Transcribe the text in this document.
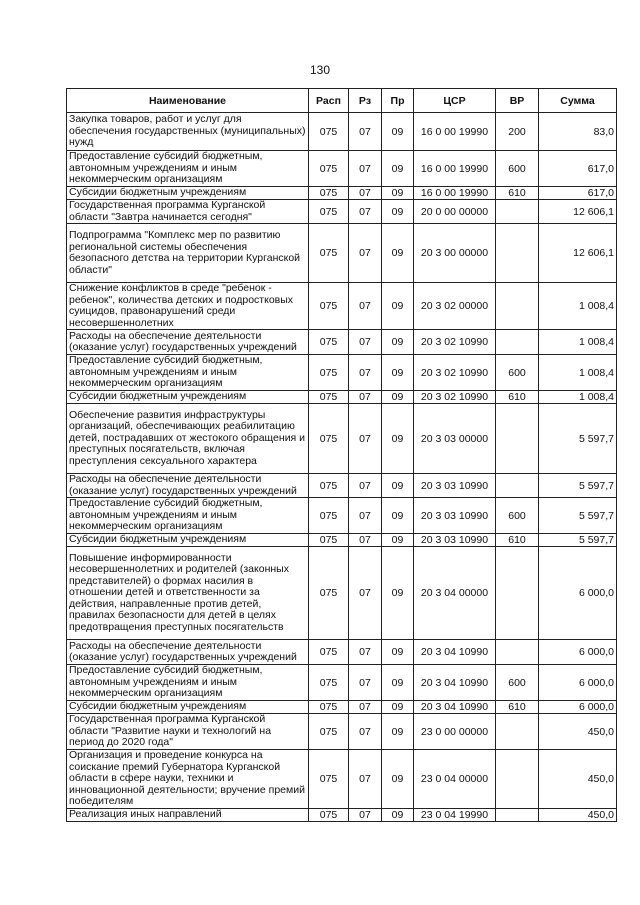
130
Наименование	Расп	Рз	Пр	ЦСР	ВР	Сумма
Закупка товаров, работ и услуг для обеспечения государственных (муниципальных) нужд	075	07	09	16 0 00 19990	200	83,0
Предоставление субсидий бюджетным, автономным учреждениям и иным некоммерческим организациям	075	07	09	16 0 00 19990	600	617,0
Субсидии бюджетным учреждениям	075	07	09	16 0 00 19990	610	617,0
Государственная программа Курганской области "Завтра начинается сегодня"	075	07	09	20 0 00 00000		12 606,1
Подпрограмма "Комплекс мер по развитию региональной системы обеспечения безопасного детства на территории Курганской области"	075	07	09	20 3 00 00000		12 606,1
Снижение конфликтов в среде "ребенок - ребенок", количества детских и подростковых суицидов, правонарушений среди несовершеннолетних	075	07	09	20 3 02 00000		1 008,4
Расходы на обеспечение деятельности (оказание услуг) государственных учреждений	075	07	09	20 3 02 10990		1 008,4
Предоставление субсидий бюджетным, автономным учреждениям и иным некоммерческим организациям	075	07	09	20 3 02 10990	600	1 008,4
Субсидии бюджетным учреждениям	075	07	09	20 3 02 10990	610	1 008,4
Обеспечение развития инфраструктуры организаций, обеспечивающих реабилитацию детей, пострадавших от жестокого обращения и преступных посягательств, включая преступления сексуального характера	075	07	09	20 3 03 00000		5 597,7
Расходы на обеспечение деятельности (оказание услуг) государственных учреждений	075	07	09	20 3 03 10990		5 597,7
Предоставление субсидий бюджетным, автономным учреждениям и иным некоммерческим организациям	075	07	09	20 3 03 10990	600	5 597,7
Субсидии бюджетным учреждениям	075	07	09	20 3 03 10990	610	5 597,7
Повышение информированности несовершеннолетних и родителей (законных представителей) о формах насилия в отношении детей и ответственности за действия, направленные против детей, правилах безопасности для детей в целях предотвращения преступных посягательств	075	07	09	20 3 04 00000		6 000,0
Расходы на обеспечение деятельности (оказание услуг) государственных учреждений	075	07	09	20 3 04 10990		6 000,0
Предоставление субсидий бюджетным, автономным учреждениям и иным некоммерческим организациям	075	07	09	20 3 04 10990	600	6 000,0
Субсидии бюджетным учреждениям	075	07	09	20 3 04 10990	610	6 000,0
Государственная программа Курганской области "Развитие науки и технологий на период до 2020 года"	075	07	09	23 0 00 00000		450,0
Организация и проведение конкурса на соискание премий Губернатора Курганской области в сфере науки, техники и инновационной деятельности; вручение премий победителям	075	07	09	23 0 04 00000		450,0
Реализация иных направлений	075	07	09	23 0 04 19990		450,0
